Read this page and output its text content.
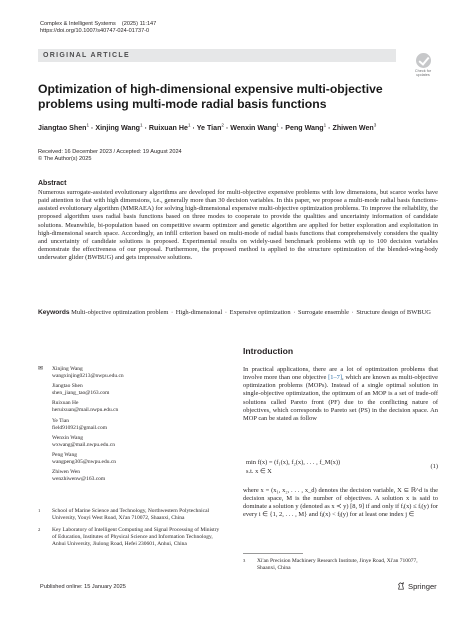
Complex & Intelligent Systems (2025) 11:147
https://doi.org/10.1007/s40747-024-01737-0
ORIGINAL ARTICLE
Check for
updates
Optimization of high-dimensional expensive multi-objective problems using multi-mode radial basis functions
Jiangtao Shen$^1$ · Xinjing Wang$^1$ · Ruixuan $He^1 \cdot Ye$ Tian$^2$ · Wenxin Wang$^1$ · Peng Wang$^1$ · Zhiwen Wen$^3$
Received: 16 December 2023 / Accepted: 19 August 2024
© The Author(s) 2025
Abstract
Numerous surrogate-assisted evolutionary algorithms are developed for multi-objective expensive problems with low dimensions, but scarce works have paid attention to that with high dimensions, i.e., generally more than 30 decision variables. In this paper, we propose a multi-mode radial basis functions-assisted evolutionary algorithm (MMRAEA) for solving high-dimensional expensive multi-objective optimization problems. To improve the reliability, the proposed algorithm uses radial basis functions based on three modes to cooperate to provide the qualities and uncertainty information of candidate solutions. Meanwhile, bi-population based on competitive swarm optimizer and genetic algorithm are applied for better exploration and exploitation in high-dimensional search space. Accordingly, an infill criterion based on multi-mode of radial basis functions that comprehensively considers the quality and uncertainty of candidate solutions is proposed. Experimental results on widely-used benchmark problems with up to 100 decision variables demonstrate the effectiveness of our proposal. Furthermore, the proposed method is applied to the structure optimization of the blended-wing-body underwater glider (BWBUG) and gets impressive solutions.
Keywords Multi-objective optimization problem · High-dimensional · Expensive optimization · Surrogate ensemble · Structure design of BWBUG
✉ Xinjing Wang
wangxinjing0213@nwpu.edu.cn
Jiangtao Shen
shen_jiang_tao@163.com
Ruixuan He
heruixuan@mail.nwpu.edu.cn
Ye Tian
field910921@gmail.com
Wenxin Wang
wxwang@mail.nwpu.edu.cn
Peng Wang
wangpeng305@nwpu.edu.cn
Zhiwen Wen
wenzhiwenw@163.com
1 School of Marine Science and Technology, Northwestern Polytechnical University, Youyi West Road, Xi'an 710072, Shaanxi, China
2 Key Laboratory of Intelligent Computing and Signal Processing of Ministry of Education, Institutes of Physical Science and Information Technology, Anhui University, Jiulong Road, Hefei 230601, Anhui, China
Introduction
In practical applications, there are a lot of optimization problems that involve more than one objective [1–7], which are known as multi-objective optimization problems (MOPs). Instead of a single optimal solution in single-objective optimization, the optimum of an MOP is a set of trade-off solutions called Pareto front (PF) due to the conflicting nature of objectives, which corresponds to Pareto set (PS) in the decision space. An MOP can be stated as follow
min f(x) = (f₁(x), f₂(x), . . . , f_M(x))
s.t. x ∈ X
(1)
where x = (x₁, x₂, . . . , x_d) denotes the decision variable, X ⊆ ℝ^d is the decision space, M is the number of objectives. A solution x is said to dominate a solution y (denoted as x ≺ y) [8, 9] if and only if fᵢ(x) ≤ fᵢ(y) for every i ∈ {1, 2, . . . , M} and fⱼ(x) < fⱼ(y) for at least one index j ∈
3 Xi'an Precision Machinery Research Institute, Jinye Road, Xi'an 710077, Shaanxi, China
Published online: 15 January 2025	Springer
